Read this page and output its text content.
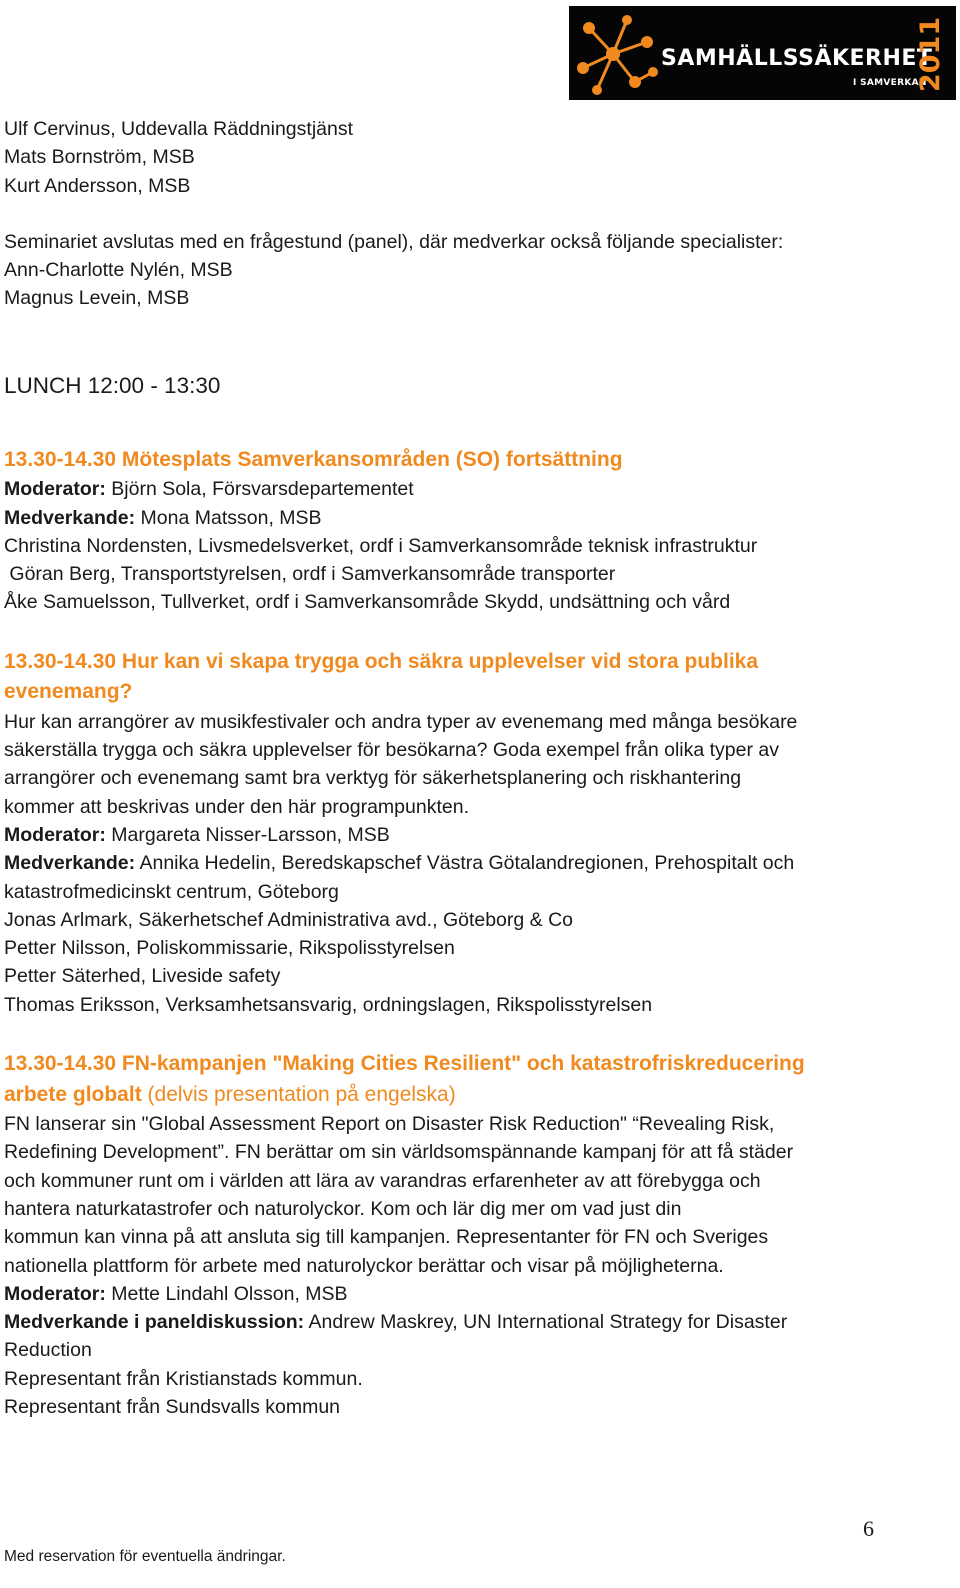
SAMHÄLLSSÄKERHET
I SAMVERKAN
2011
Ulf Cervinus, Uddevalla Räddningstjänst
Mats Bornström, MSB
Kurt Andersson, MSB
Seminariet avslutas med en frågestund (panel), där medverkar också följande specialister:
Ann-Charlotte Nylén, MSB
Magnus Levein, MSB
LUNCH 12:00 - 13:30
13.30-14.30 Mötesplats Samverkansområden (SO) fortsättning
Moderator: Björn Sola, Försvarsdepartementet
Medverkande: Mona Matsson, MSB
Christina Nordensten, Livsmedelsverket, ordf i Samverkansområde teknisk infrastruktur
Göran Berg, Transportstyrelsen, ordf i Samverkansområde transporter
Åke Samuelsson, Tullverket, ordf i Samverkansområde Skydd, undsättning och vård
13.30-14.30 Hur kan vi skapa trygga och säkra upplevelser vid stora publika
evenemang?
Hur kan arrangörer av musikfestivaler och andra typer av evenemang med många besökare
säkerställa trygga och säkra upplevelser för besökarna? Goda exempel från olika typer av
arrangörer och evenemang samt bra verktyg för säkerhetsplanering och riskhantering
kommer att beskrivas under den här programpunkten.
Moderator: Margareta Nisser-Larsson, MSB
Medverkande: Annika Hedelin, Beredskapschef Västra Götalandregionen, Prehospitalt och
katastrofmedicinskt centrum, Göteborg
Jonas Arlmark, Säkerhetschef Administrativa avd., Göteborg & Co
Petter Nilsson, Poliskommissarie, Rikspolisstyrelsen
Petter Säterhed, Liveside safety
Thomas Eriksson, Verksamhetsansvarig, ordningslagen, Rikspolisstyrelsen
13.30-14.30 FN-kampanjen "Making Cities Resilient" och katastrofriskreducering
arbete globalt (delvis presentation på engelska)
FN lanserar sin "Global Assessment Report on Disaster Risk Reduction" “Revealing Risk,
Redefining Development”. FN berättar om sin världsomspännande kampanj för att få städer
och kommuner runt om i världen att lära av varandras erfarenheter av att förebygga och
hantera naturkatastrofer och naturolyckor. Kom och lär dig mer om vad just din
kommun kan vinna på att ansluta sig till kampanjen. Representanter för FN och Sveriges
nationella plattform för arbete med naturolyckor berättar och visar på möjligheterna.
Moderator: Mette Lindahl Olsson, MSB
Medverkande i paneldiskussion: Andrew Maskrey, UN International Strategy for Disaster
Reduction
Representant från Kristianstads kommun.
Representant från Sundsvalls kommun
6
Med reservation för eventuella ändringar.
